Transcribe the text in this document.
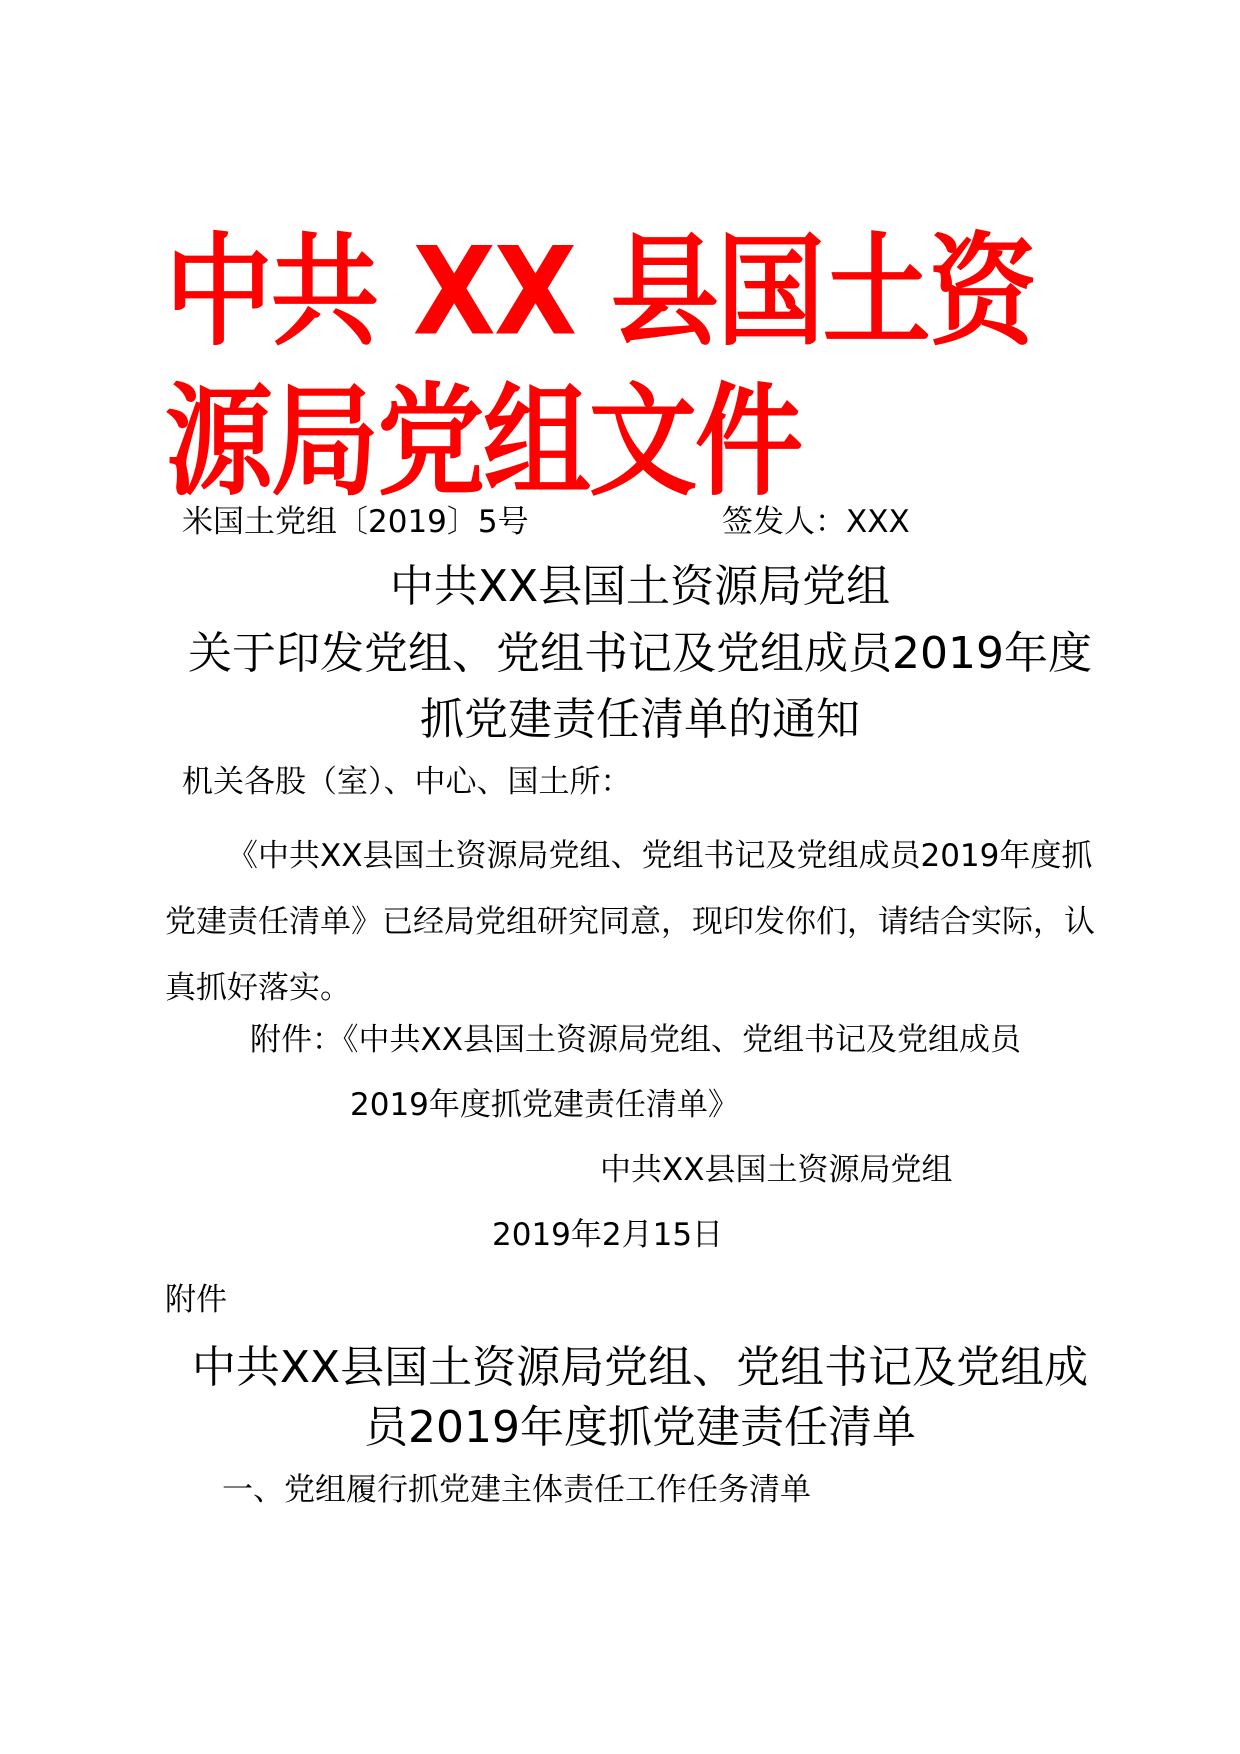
中共 XX 县国土资源局党组文件
米国土党组〔2019〕5号	签发人：XXX
中共XX县国土资源局党组
关于印发党组、党组书记及党组成员2019年度
抓党建责任清单的通知
机关各股（室）、中心、国土所：
《中共XX县国土资源局党组、党组书记及党组成员2019年度抓党建责任清单》已经局党组研究同意，现印发你们，请结合实际，认真抓好落实。
附件：《中共XX县国土资源局党组、党组书记及党组成员
2019年度抓党建责任清单》
中共XX县国土资源局党组
2019年2月15日
附件
中共XX县国土资源局党组、党组书记及党组成
员2019年度抓党建责任清单
一、党组履行抓党建主体责任工作任务清单
